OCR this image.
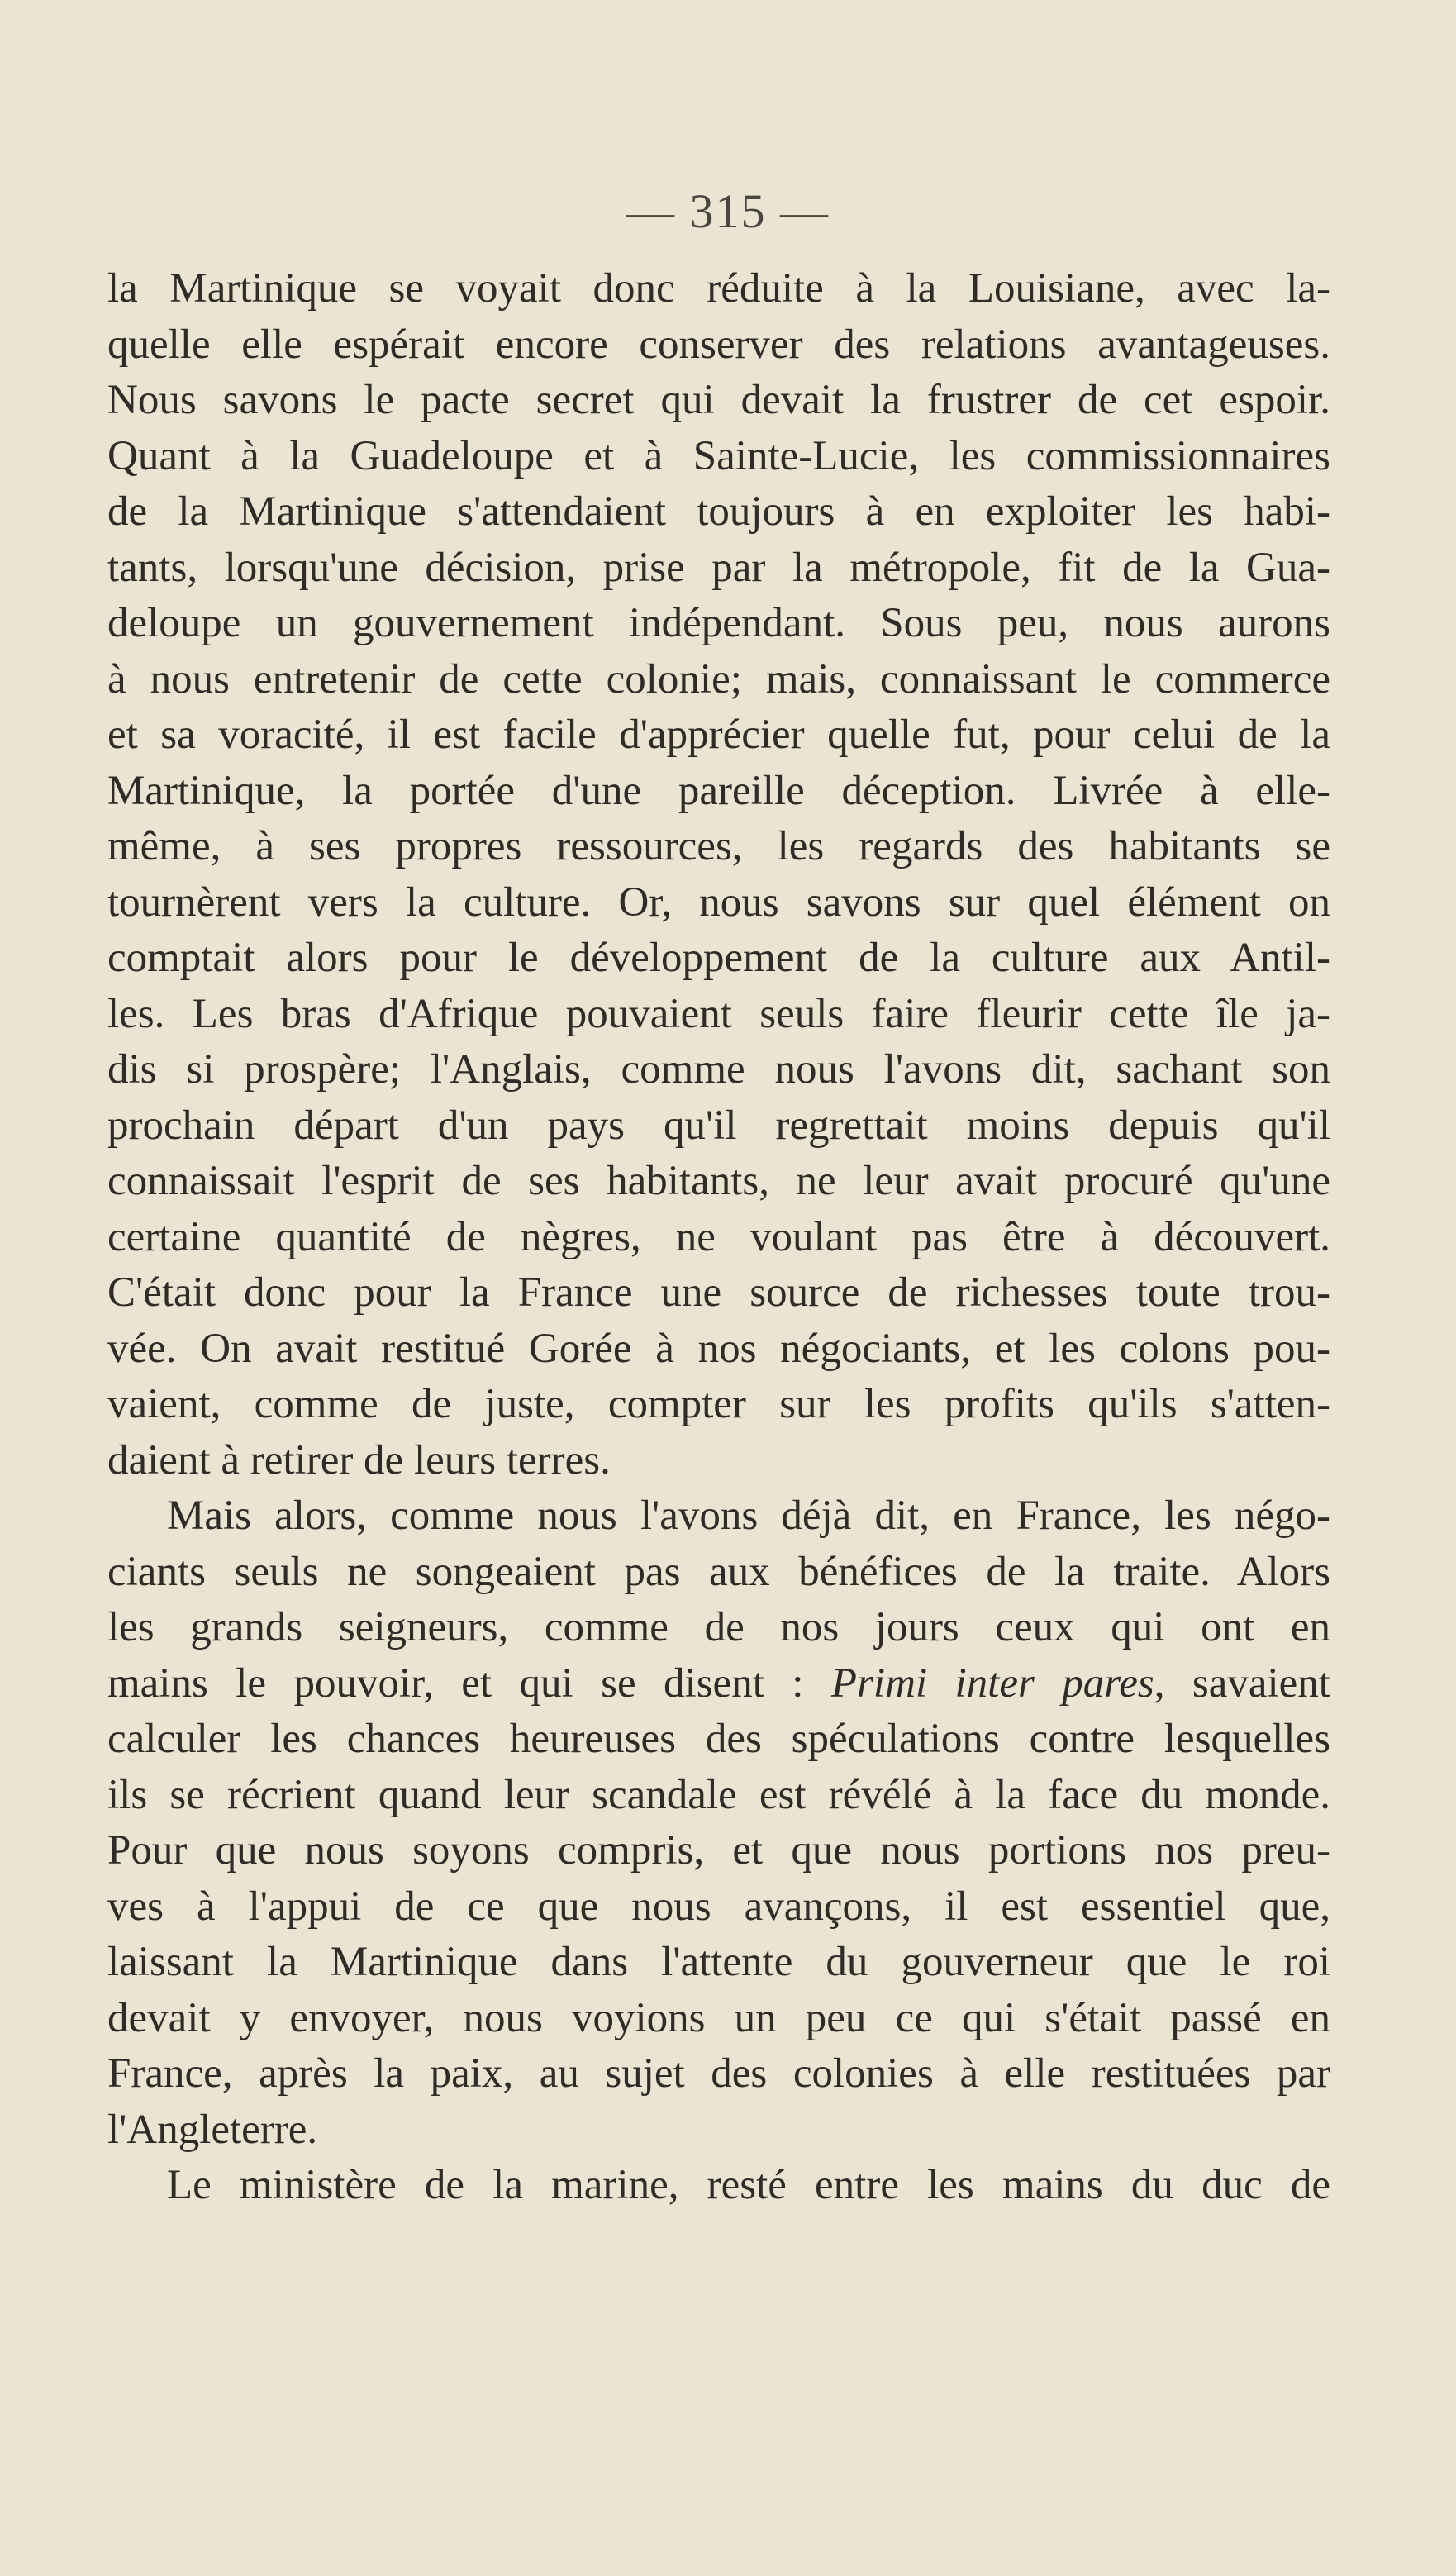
— 315 —
la Martinique se voyait donc réduite à la Louisiane, avec la-
quelle elle espérait encore conserver des relations avantageuses.
Nous savons le pacte secret qui devait la frustrer de cet espoir.
Quant à la Guadeloupe et à Sainte-Lucie, les commissionnaires
de la Martinique s'attendaient toujours à en exploiter les habi-
tants, lorsqu'une décision, prise par la métropole, fit de la Gua-
deloupe un gouvernement indépendant. Sous peu, nous aurons
à nous entretenir de cette colonie; mais, connaissant le commerce
et sa voracité, il est facile d'apprécier quelle fut, pour celui de la
Martinique, la portée d'une pareille déception. Livrée à elle-
même, à ses propres ressources, les regards des habitants se
tournèrent vers la culture. Or, nous savons sur quel élément on
comptait alors pour le développement de la culture aux Antil-
les. Les bras d'Afrique pouvaient seuls faire fleurir cette île ja-
dis si prospère; l'Anglais, comme nous l'avons dit, sachant son
prochain départ d'un pays qu'il regrettait moins depuis qu'il
connaissait l'esprit de ses habitants, ne leur avait procuré qu'une
certaine quantité de nègres, ne voulant pas être à découvert.
C'était donc pour la France une source de richesses toute trou-
vée. On avait restitué Gorée à nos négociants, et les colons pou-
vaient, comme de juste, compter sur les profits qu'ils s'atten-
daient à retirer de leurs terres.
Mais alors, comme nous l'avons déjà dit, en France, les négo-
ciants seuls ne songeaient pas aux bénéfices de la traite. Alors
les grands seigneurs, comme de nos jours ceux qui ont en
mains le pouvoir, et qui se disent : Primi inter pares, savaient
calculer les chances heureuses des spéculations contre lesquelles
ils se récrient quand leur scandale est révélé à la face du monde.
Pour que nous soyons compris, et que nous portions nos preu-
ves à l'appui de ce que nous avançons, il est essentiel que,
laissant la Martinique dans l'attente du gouverneur que le roi
devait y envoyer, nous voyions un peu ce qui s'était passé en
France, après la paix, au sujet des colonies à elle restituées par
l'Angleterre.
Le ministère de la marine, resté entre les mains du duc de
